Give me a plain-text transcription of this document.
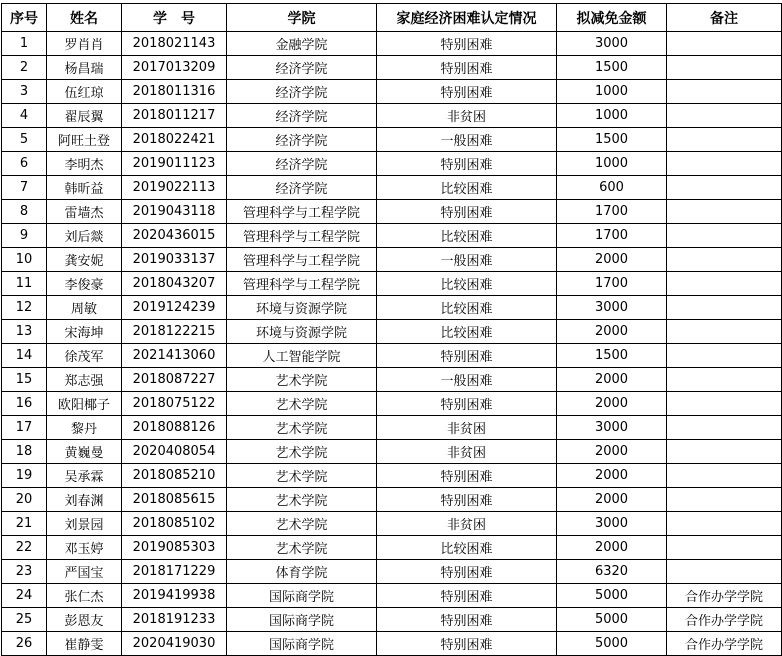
序号	姓名	学　号	学院	家庭经济困难认定情况	拟减免金额	备注
1	罗肖肖	2018021143	金融学院	特别困难	3000	
2	杨昌瑞	2017013209	经济学院	特别困难	1500	
3	伍红琼	2018011316	经济学院	特别困难	1000	
4	翟辰翼	2018011217	经济学院	非贫困	1000	
5	阿旺土登	2018022421	经济学院	一般困难	1500	
6	李明杰	2019011123	经济学院	特别困难	1000	
7	韩昕益	2019022113	经济学院	比较困难	600	
8	雷墙杰	2019043118	管理科学与工程学院	特别困难	1700	
9	刘后燚	2020436015	管理科学与工程学院	比较困难	1700	
10	龚安妮	2019033137	管理科学与工程学院	一般困难	2000	
11	李俊豪	2018043207	管理科学与工程学院	比较困难	1700	
12	周敏	2019124239	环境与资源学院	比较困难	3000	
13	宋海坤	2018122215	环境与资源学院	比较困难	2000	
14	徐茂军	2021413060	人工智能学院	特别困难	1500	
15	郑志强	2018087227	艺术学院	一般困难	2000	
16	欧阳椰子	2018075122	艺术学院	特别困难	2000	
17	黎丹	2018088126	艺术学院	非贫困	3000	
18	黄巍曼	2020408054	艺术学院	非贫困	2000	
19	吴承霖	2018085210	艺术学院	特别困难	2000	
20	刘春渊	2018085615	艺术学院	特别困难	2000	
21	刘景园	2018085102	艺术学院	非贫困	3000	
22	邓玉婷	2019085303	艺术学院	比较困难	2000	
23	严国宝	2018171229	体育学院	特别困难	6320	
24	张仁杰	2019419938	国际商学院	特别困难	5000	合作办学学院
25	彭恩友	2018191233	国际商学院	特别困难	5000	合作办学学院
26	崔静雯	2020419030	国际商学院	特别困难	5000	合作办学学院
